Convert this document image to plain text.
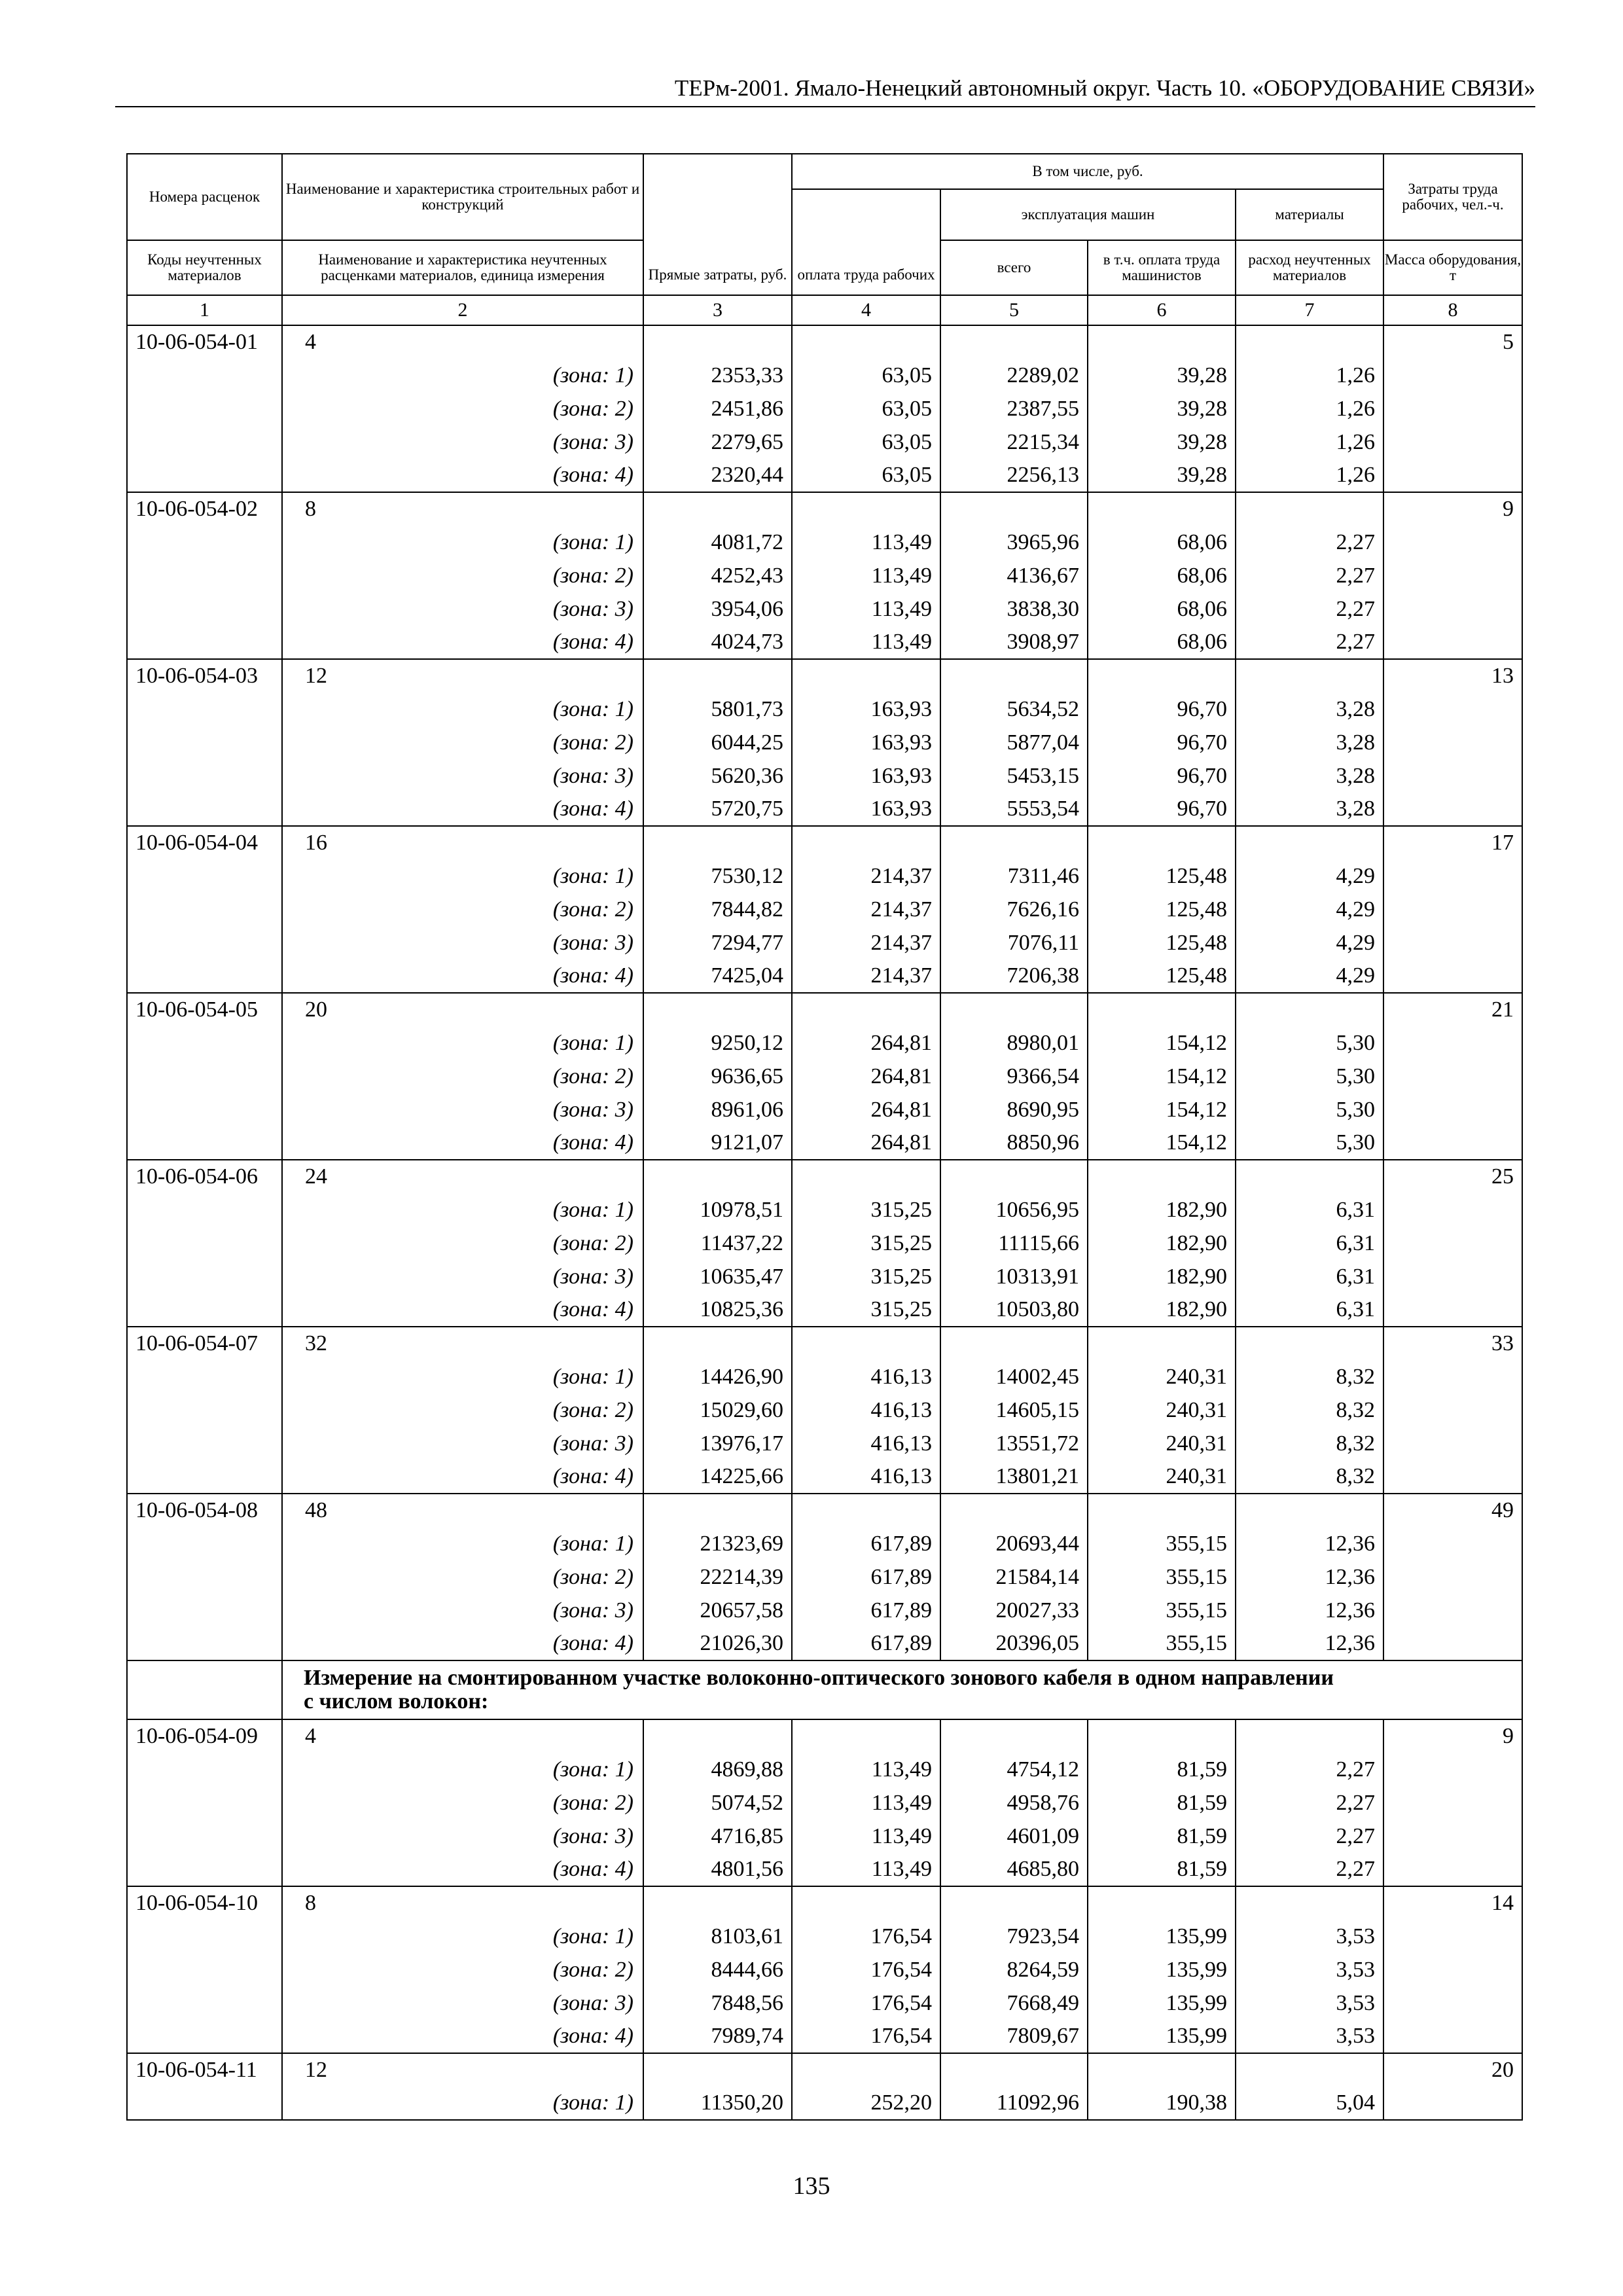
ТЕРм-2001. Ямало-Ненецкий автономный округ. Часть 10. «ОБОРУДОВАНИЕ СВЯЗИ»
Номера расценок	Наименование и характеристика строительных работ и конструкций	Прямые затраты, руб.	В том числе, руб.				Затраты труда рабочих, чел.-ч.
			оплата труда рабочих	эксплуатация машин		материалы	
Коды неучтенных материалов	Наименование и характеристика неучтенных расценками материалов, единица измерения			всего	в т.ч. оплата труда машинистов	расход неучтенных материалов	Масса оборудования, т
1	2	3	4	5	6	7	8
10-06-054-01	4						5
	(зона: 1)	2353,33	63,05	2289,02	39,28	1,26	
	(зона: 2)	2451,86	63,05	2387,55	39,28	1,26	
	(зона: 3)	2279,65	63,05	2215,34	39,28	1,26	
	(зона: 4)	2320,44	63,05	2256,13	39,28	1,26	
10-06-054-02	8						9
	(зона: 1)	4081,72	113,49	3965,96	68,06	2,27	
	(зона: 2)	4252,43	113,49	4136,67	68,06	2,27	
	(зона: 3)	3954,06	113,49	3838,30	68,06	2,27	
	(зона: 4)	4024,73	113,49	3908,97	68,06	2,27	
10-06-054-03	12						13
	(зона: 1)	5801,73	163,93	5634,52	96,70	3,28	
	(зона: 2)	6044,25	163,93	5877,04	96,70	3,28	
	(зона: 3)	5620,36	163,93	5453,15	96,70	3,28	
	(зона: 4)	5720,75	163,93	5553,54	96,70	3,28	
10-06-054-04	16						17
	(зона: 1)	7530,12	214,37	7311,46	125,48	4,29	
	(зона: 2)	7844,82	214,37	7626,16	125,48	4,29	
	(зона: 3)	7294,77	214,37	7076,11	125,48	4,29	
	(зона: 4)	7425,04	214,37	7206,38	125,48	4,29	
10-06-054-05	20						21
	(зона: 1)	9250,12	264,81	8980,01	154,12	5,30	
	(зона: 2)	9636,65	264,81	9366,54	154,12	5,30	
	(зона: 3)	8961,06	264,81	8690,95	154,12	5,30	
	(зона: 4)	9121,07	264,81	8850,96	154,12	5,30	
10-06-054-06	24						25
	(зона: 1)	10978,51	315,25	10656,95	182,90	6,31	
	(зона: 2)	11437,22	315,25	11115,66	182,90	6,31	
	(зона: 3)	10635,47	315,25	10313,91	182,90	6,31	
	(зона: 4)	10825,36	315,25	10503,80	182,90	6,31	
10-06-054-07	32						33
	(зона: 1)	14426,90	416,13	14002,45	240,31	8,32	
	(зона: 2)	15029,60	416,13	14605,15	240,31	8,32	
	(зона: 3)	13976,17	416,13	13551,72	240,31	8,32	
	(зона: 4)	14225,66	416,13	13801,21	240,31	8,32	
10-06-054-08	48						49
	(зона: 1)	21323,69	617,89	20693,44	355,15	12,36	
	(зона: 2)	22214,39	617,89	21584,14	355,15	12,36	
	(зона: 3)	20657,58	617,89	20027,33	355,15	12,36	
	(зона: 4)	21026,30	617,89	20396,05	355,15	12,36	

	Измерение на смонтированном участке волоконно-оптического зонового кабеля в одном направлении
с числом волокон:						

10-06-054-09	4						9
	(зона: 1)	4869,88	113,49	4754,12	81,59	2,27	
	(зона: 2)	5074,52	113,49	4958,76	81,59	2,27	
	(зона: 3)	4716,85	113,49	4601,09	81,59	2,27	
	(зона: 4)	4801,56	113,49	4685,80	81,59	2,27	
10-06-054-10	8						14
	(зона: 1)	8103,61	176,54	7923,54	135,99	3,53	
	(зона: 2)	8444,66	176,54	8264,59	135,99	3,53	
	(зона: 3)	7848,56	176,54	7668,49	135,99	3,53	
	(зона: 4)	7989,74	176,54	7809,67	135,99	3,53	
10-06-054-11	12						20
	(зона: 1)	11350,20	252,20	11092,96	190,38	5,04	
135
